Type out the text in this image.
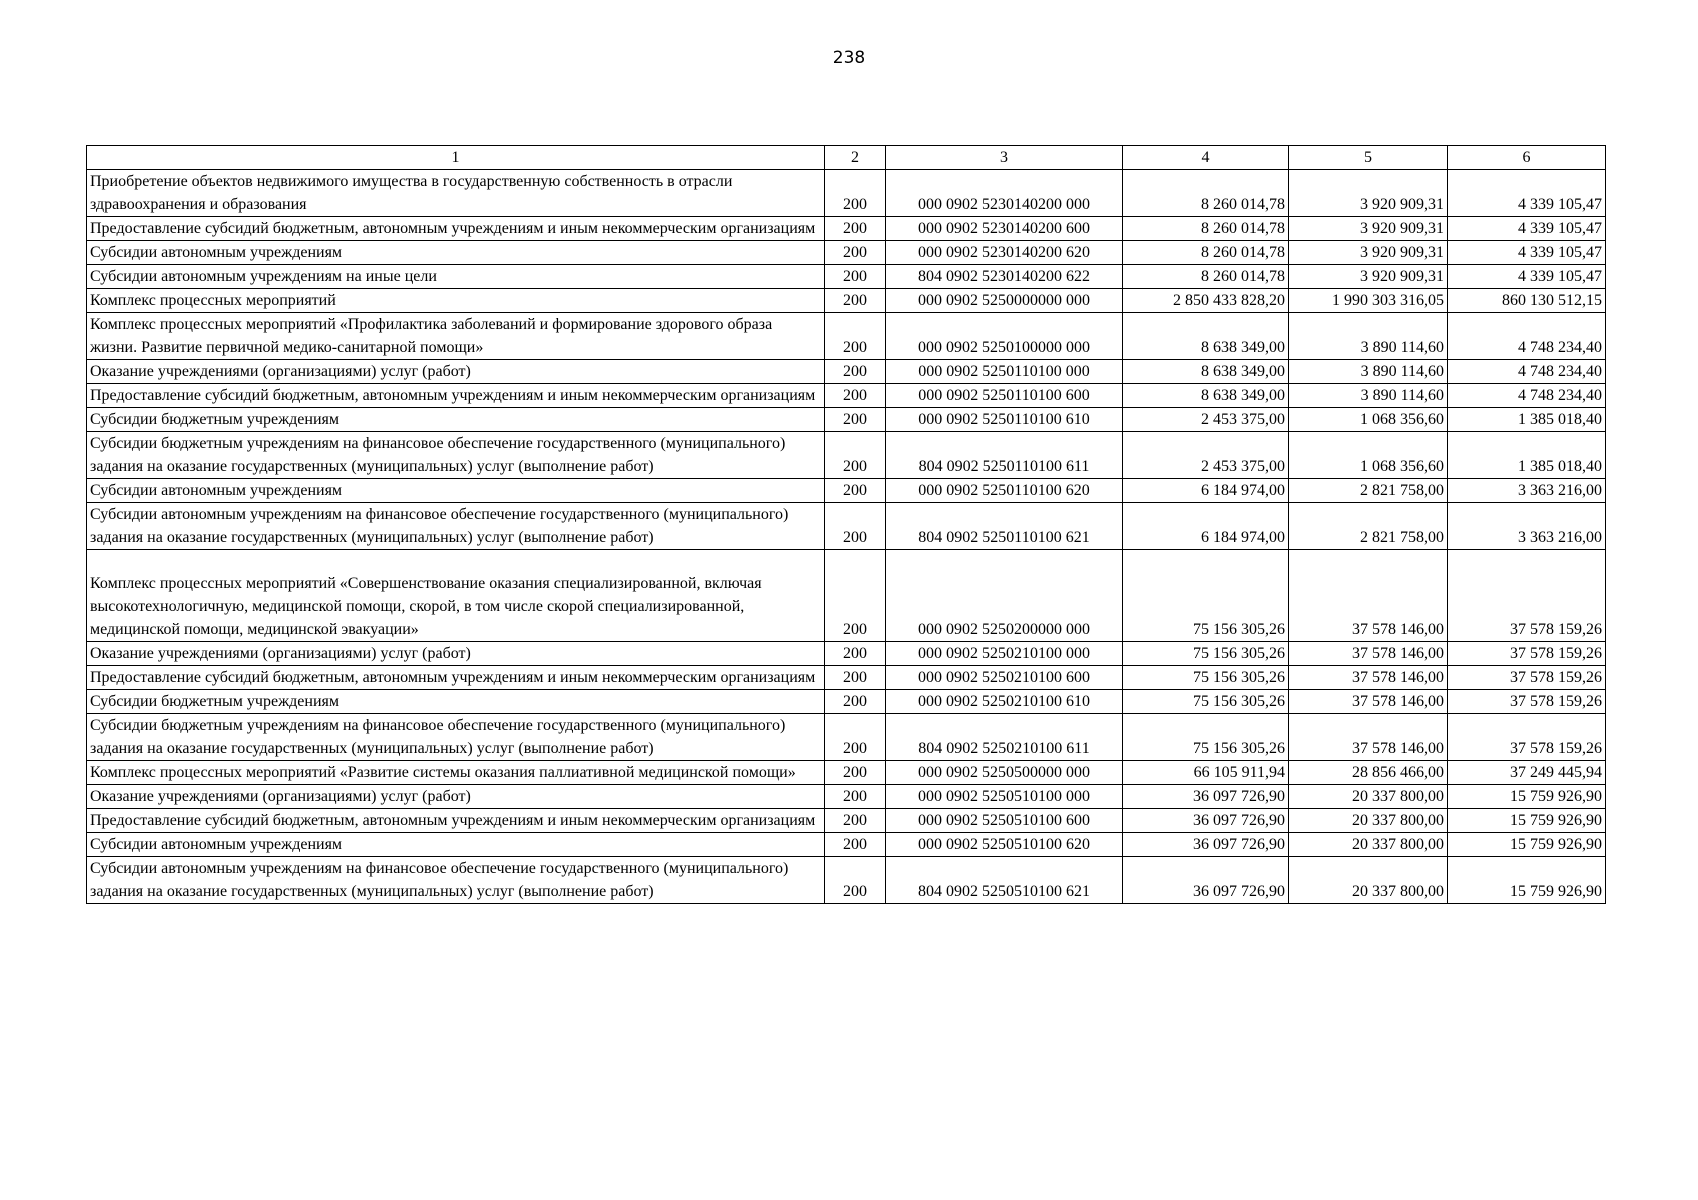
238
1	2	3	4	5	6
Приобретение объектов недвижимого имущества в государственную собственность в отрасли здравоохранения и образования	200	000 0902 5230140200 000	8 260 014,78	3 920 909,31	4 339 105,47
Предоставление субсидий бюджетным, автономным учреждениям и иным некоммерческим организациям	200	000 0902 5230140200 600	8 260 014,78	3 920 909,31	4 339 105,47
Субсидии автономным учреждениям	200	000 0902 5230140200 620	8 260 014,78	3 920 909,31	4 339 105,47
Субсидии автономным учреждениям на иные цели	200	804 0902 5230140200 622	8 260 014,78	3 920 909,31	4 339 105,47
Комплекс процессных мероприятий	200	000 0902 5250000000 000	2 850 433 828,20	1 990 303 316,05	860 130 512,15
Комплекс процессных мероприятий «Профилактика заболеваний и формирование здорового образа жизни. Развитие первичной медико-санитарной помощи»	200	000 0902 5250100000 000	8 638 349,00	3 890 114,60	4 748 234,40
Оказание учреждениями (организациями) услуг (работ)	200	000 0902 5250110100 000	8 638 349,00	3 890 114,60	4 748 234,40
Предоставление субсидий бюджетным, автономным учреждениям и иным некоммерческим организациям	200	000 0902 5250110100 600	8 638 349,00	3 890 114,60	4 748 234,40
Субсидии бюджетным учреждениям	200	000 0902 5250110100 610	2 453 375,00	1 068 356,60	1 385 018,40
Субсидии бюджетным учреждениям на финансовое обеспечение государственного (муниципального) задания на оказание государственных (муниципальных) услуг (выполнение работ)	200	804 0902 5250110100 611	2 453 375,00	1 068 356,60	1 385 018,40
Субсидии автономным учреждениям	200	000 0902 5250110100 620	6 184 974,00	2 821 758,00	3 363 216,00
Субсидии автономным учреждениям на финансовое обеспечение государственного (муниципального) задания на оказание государственных (муниципальных) услуг (выполнение работ)	200	804 0902 5250110100 621	6 184 974,00	2 821 758,00	3 363 216,00
Комплекс процессных мероприятий «Совершенствование оказания специализированной, включая высокотехнологичную, медицинской помощи, скорой, в том числе скорой специализированной, медицинской помощи, медицинской эвакуации»	200	000 0902 5250200000 000	75 156 305,26	37 578 146,00	37 578 159,26
Оказание учреждениями (организациями) услуг (работ)	200	000 0902 5250210100 000	75 156 305,26	37 578 146,00	37 578 159,26
Предоставление субсидий бюджетным, автономным учреждениям и иным некоммерческим организациям	200	000 0902 5250210100 600	75 156 305,26	37 578 146,00	37 578 159,26
Субсидии бюджетным учреждениям	200	000 0902 5250210100 610	75 156 305,26	37 578 146,00	37 578 159,26
Субсидии бюджетным учреждениям на финансовое обеспечение государственного (муниципального) задания на оказание государственных (муниципальных) услуг (выполнение работ)	200	804 0902 5250210100 611	75 156 305,26	37 578 146,00	37 578 159,26
Комплекс процессных мероприятий «Развитие системы оказания паллиативной медицинской помощи»	200	000 0902 5250500000 000	66 105 911,94	28 856 466,00	37 249 445,94
Оказание учреждениями (организациями) услуг (работ)	200	000 0902 5250510100 000	36 097 726,90	20 337 800,00	15 759 926,90
Предоставление субсидий бюджетным, автономным учреждениям и иным некоммерческим организациям	200	000 0902 5250510100 600	36 097 726,90	20 337 800,00	15 759 926,90
Субсидии автономным учреждениям	200	000 0902 5250510100 620	36 097 726,90	20 337 800,00	15 759 926,90
Субсидии автономным учреждениям на финансовое обеспечение государственного (муниципального) задания на оказание государственных (муниципальных) услуг (выполнение работ)	200	804 0902 5250510100 621	36 097 726,90	20 337 800,00	15 759 926,90
